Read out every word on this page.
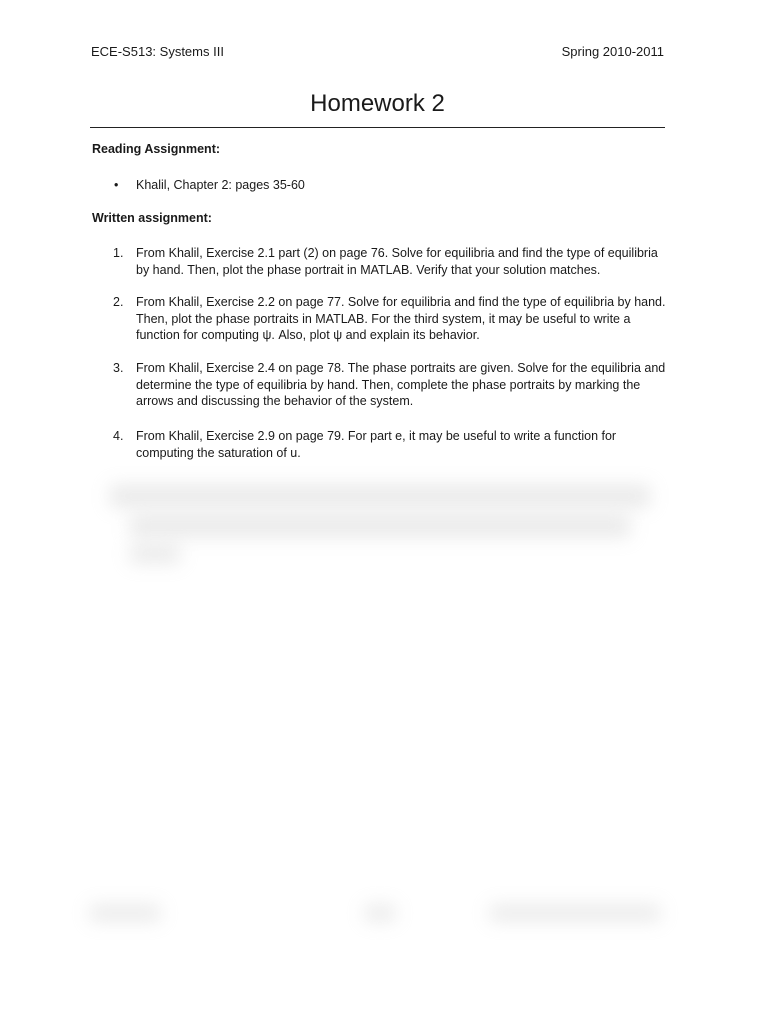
ECE-S513: Systems III	Spring 2010-2011
Homework 2
Reading Assignment:
• Khalil, Chapter 2: pages 35-60
Written assignment:
1.	From Khalil, Exercise 2.1 part (2) on page 76. Solve for equilibria and find the type of equilibria
by hand. Then, plot the phase portrait in MATLAB. Verify that your solution matches.
2.	From Khalil, Exercise 2.2 on page 77. Solve for equilibria and find the type of equilibria by hand.
Then, plot the phase portraits in MATLAB. For the third system, it may be useful to write a
function for computing ψ. Also, plot ψ and explain its behavior.
3.	From Khalil, Exercise 2.4 on page 78. The phase portraits are given. Solve for the equilibria and
determine the type of equilibria by hand. Then, complete the phase portraits by marking the
arrows and discussing the behavior of the system.
4.	From Khalil, Exercise 2.9 on page 79. For part e, it may be useful to write a function for
computing the saturation of u.
